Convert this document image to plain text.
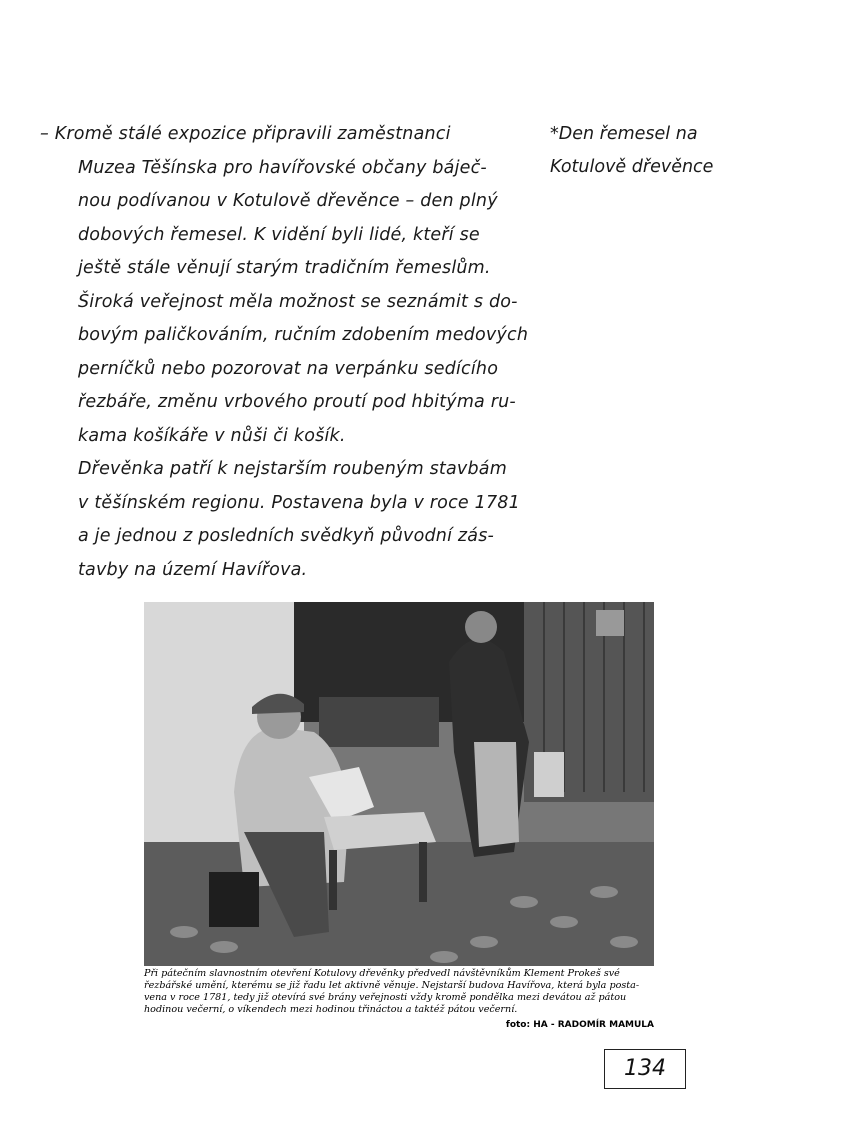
– Kromě stálé expozice připravili zaměstnanci
Muzea Těšínska pro havířovské občany báječ-
nou podívanou v Kotulově dřevěnce – den plný
dobových řemesel. K vidění byli lidé, kteří se
ještě stále věnují starým tradičním řemeslům.
Široká veřejnost měla možnost se seznámit s do-
bovým paličkováním, ručním zdobením medových
perníčků nebo pozorovat na verpánku sedícího
řezbáře, změnu vrbového proutí pod hbitýma ru-
kama košíkáře v nůši či košík.
Dřevěnka patří k nejstarším roubeným stavbám
v těšínském regionu. Postavena byla v roce 1781
a je jednou z posledních svědkyň původní zás-
tavby na území Havířova.
*Den řemesel na
Kotulově dřevěnce
Při pátečním slavnostním otevření Kotulovy dřevěnky předvedl návštěvníkům Klement Prokeš své
řezbářské umění, kterému se již řadu let aktivně věnuje. Nejstarší budova Havířova, která byla posta-
vena v roce 1781, tedy již otevírá své brány veřejnosti vždy kromě pondělka mezi devátou až pátou
hodinou večerní, o víkendech mezi hodinou třináctou a taktéž pátou večerní.
foto: HA - RADOMÍR MAMULA
134
